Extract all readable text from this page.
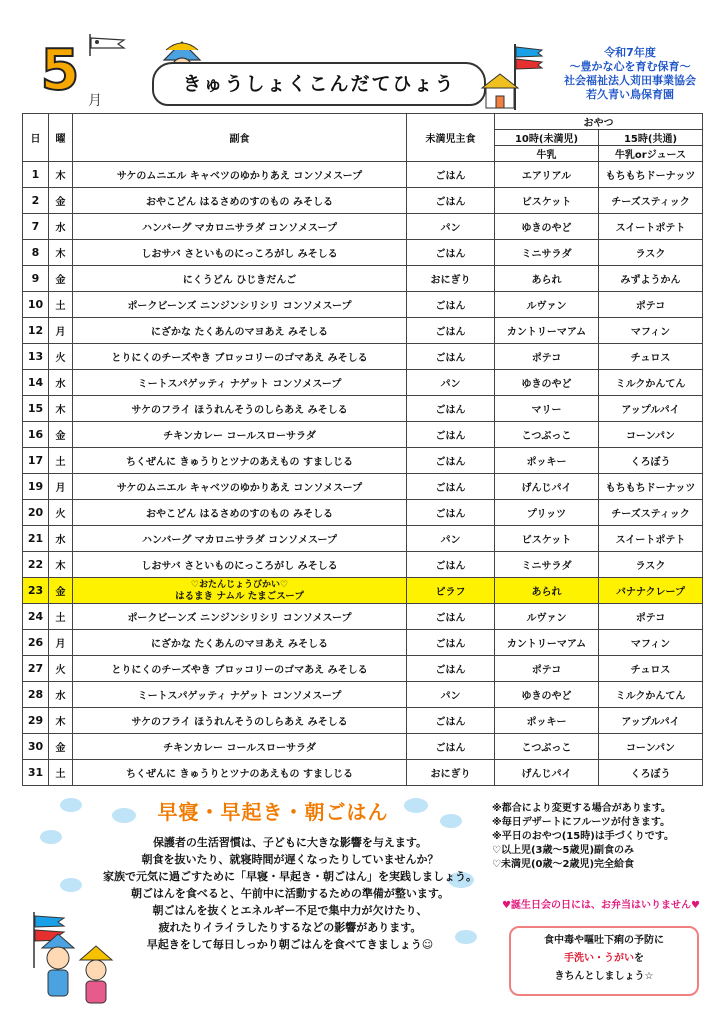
5 月
きゅうしょくこんだてひょう
令和7年度
～豊かな心を育む保育～
社会福祉法人苅田事業協会
若久青い鳥保育園
日	曜	副食	未満児主食	おやつ	
				10時(未満児)	15時(共通)
				牛乳	牛乳orジュース
1	木	サケのムニエル キャベツのゆかりあえ コンソメスープ	ごはん	エアリアル	もちもちドーナッツ
2	金	おやこどん はるさめのすのもの みそしる	ごはん	ビスケット	チーズスティック
7	水	ハンバーグ マカロニサラダ コンソメスープ	パン	ゆきのやど	スイートポテト
8	木	しおサバ さといものにっころがし みそしる	ごはん	ミニサラダ	ラスク
9	金	にくうどん ひじきだんご	おにぎり	あられ	みずようかん
10	土	ポークビーンズ ニンジンシリシリ コンソメスープ	ごはん	ルヴァン	ポテコ
12	月	にざかな たくあんのマヨあえ みそしる	ごはん	カントリーマアム	マフィン
13	火	とりにくのチーズやき ブロッコリーのゴマあえ みそしる	ごはん	ポテコ	チュロス
14	水	ミートスパゲッティ ナゲット コンソメスープ	パン	ゆきのやど	ミルクかんてん
15	木	サケのフライ ほうれんそうのしらあえ みそしる	ごはん	マリー	アップルパイ
16	金	チキンカレー コールスローサラダ	ごはん	こつぶっこ	コーンパン
17	土	ちくぜんに きゅうりとツナのあえもの すましじる	ごはん	ポッキー	くろぼう
19	月	サケのムニエル キャベツのゆかりあえ コンソメスープ	ごはん	げんじパイ	もちもちドーナッツ
20	火	おやこどん はるさめのすのもの みそしる	ごはん	プリッツ	チーズスティック
21	水	ハンバーグ マカロニサラダ コンソメスープ	パン	ビスケット	スイートポテト
22	木	しおサバ さといものにっころがし みそしる	ごはん	ミニサラダ	ラスク
23	金	♡おたんじょうびかい♡
はるまき ナムル たまごスープ	ピラフ	あられ	バナナクレープ
24	土	ポークビーンズ ニンジンシリシリ コンソメスープ	ごはん	ルヴァン	ポテコ
26	月	にざかな たくあんのマヨあえ みそしる	ごはん	カントリーマアム	マフィン
27	火	とりにくのチーズやき ブロッコリーのゴマあえ みそしる	ごはん	ポテコ	チュロス
28	水	ミートスパゲッティ ナゲット コンソメスープ	パン	ゆきのやど	ミルクかんてん
29	木	サケのフライ ほうれんそうのしらあえ みそしる	ごはん	ポッキー	アップルパイ
30	金	チキンカレー コールスローサラダ	ごはん	こつぶっこ	コーンパン
31	土	ちくぜんに きゅうりとツナのあえもの すましじる	おにぎり	げんじパイ	くろぼう
早寝・早起き・朝ごはん
保護者の生活習慣は、子どもに大きな影響を与えます。
朝食を抜いたり、就寝時間が遅くなったりしていませんか？
家族で元気に過ごすために「早寝・早起き・朝ごはん」を実践しましょう。
朝ごはんを食べると、午前中に活動するための準備が整います。
朝ごはんを抜くとエネルギー不足で集中力が欠けたり、
疲れたりイライラしたりするなどの影響があります。
早起きをして毎日しっかり朝ごはんを食べてきましょう☺
※都合により変更する場合があります。
※毎日デザートにフルーツが付きます。
※平日のおやつ(15時)は手づくりです。
♡以上児(3歳～5歳児)副食のみ
♡未満児(0歳～2歳児)完全給食
♥誕生日会の日には、お弁当はいりません♥
食中毒や嘔吐下痢の予防に
手洗い・うがいを
きちんとしましょう☆
